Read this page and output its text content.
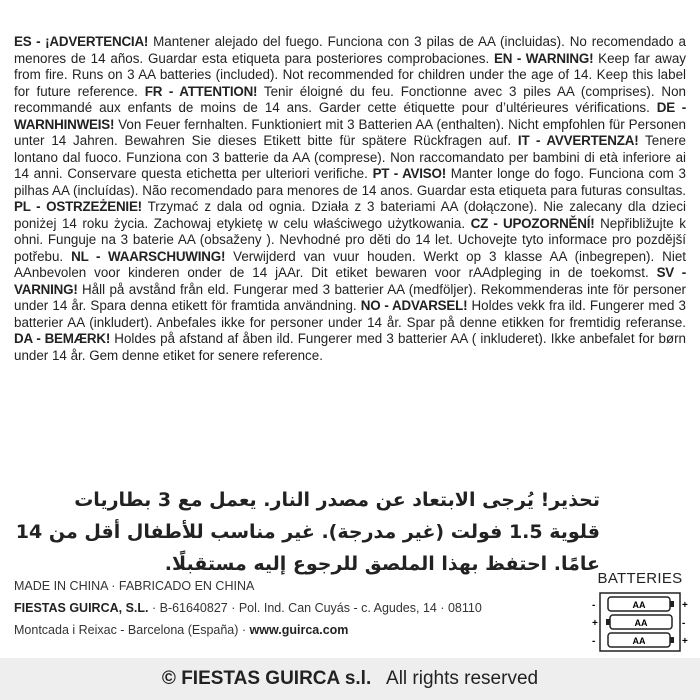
ES - ¡ADVERTENCIA! Mantener alejado del fuego. Funciona con 3 pilas de AA (incluidas). No recomendado a menores de 14 años. Guardar esta etiqueta para posteriores comprobaciones. EN - WARNING! Keep far away from fire. Runs on 3 AA batteries (included). Not recommended for children under the age of 14. Keep this label for future reference. FR - ATTENTION! Tenir éloigné du feu. Fonctionne avec 3 piles AA (comprises). Non recommandé aux enfants de moins de 14 ans. Garder cette étiquette pour d’ultérieures vérifications. DE - WARNHINWEIS! Von Feuer fernhalten. Funktioniert mit 3 Batterien AA (enthalten). Nicht empfohlen für Personen unter 14 Jahren. Bewahren Sie dieses Etikett bitte für spätere Rückfragen auf. IT - AVVERTENZA! Tenere lontano dal fuoco. Funziona con 3 batterie da AA (comprese). Non raccomandato per bambini di età inferiore ai 14 anni. Conservare questa etichetta per ulteriori verifiche. PT - AVISO! Manter longe do fogo. Funciona com 3 pilhas AA (incluídas). Não recomendado para menores de 14 anos. Guardar esta etiqueta para futuras consultas. PL - OSTRZEŻENIE! Trzymać z dala od ognia. Działa z 3 bateriami AA (dołączone). Nie zalecany dla dzieci poniżej 14 roku życia. Zachowaj etykietę w celu właściwego użytkowania. CZ - UPOZORNĚNÍ! Nepřibližujte k ohni. Funguje na 3 baterie AA (obsaženy ). Nevhodné pro děti do 14 let. Uchovejte tyto informace pro pozdější potřebu. NL - WAARSCHUWING! Verwijderd van vuur houden. Werkt op 3 klasse AA (inbegrepen). Niet AAnbevolen voor kinderen onder de 14 jAAr. Dit etiket bewaren voor rAAdpleging in de toekomst. SV - VARNING! Håll på avstånd från eld. Fungerar med 3 batterier AA (medföljer). Rekommenderas inte för personer under 14 år. Spara denna etikett för framtida användning. NO - ADVARSEL! Holdes vekk fra ild. Fungerer med 3 batterier AA (inkludert). Anbefales ikke for personer under 14 år. Spar på denne etikken for fremtidig referanse. DA - BEMÆRK! Holdes på afstand af åben ild. Fungerer med 3 batterier AA ( inkluderet). Ikke anbefalet for børn under 14 år. Gem denne etiket for senere reference.
تحذير! يُرجى الابتعاد عن مصدر النار. يعمل مع 3 بطاريات
قلوية 1.5 فولت (غير مدرجة). غير مناسب للأطفال أقل من 14
عامًا. احتفظ بهذا الملصق للرجوع إليه مستقبلًا.
MADE IN CHINA · FABRICADO EN CHINA
FIESTAS GUIRCA, S.L. · B-61640827 · Pol. Ind. Can Cuyás - c. Agudes, 14 · 08110
Montcada i Reixac - Barcelona (España) · www.guirca.com
BATTERIES
AA
-	+
AA
+	-
AA
-	+
© FIESTAS GUIRCA s.l. All rights reserved
